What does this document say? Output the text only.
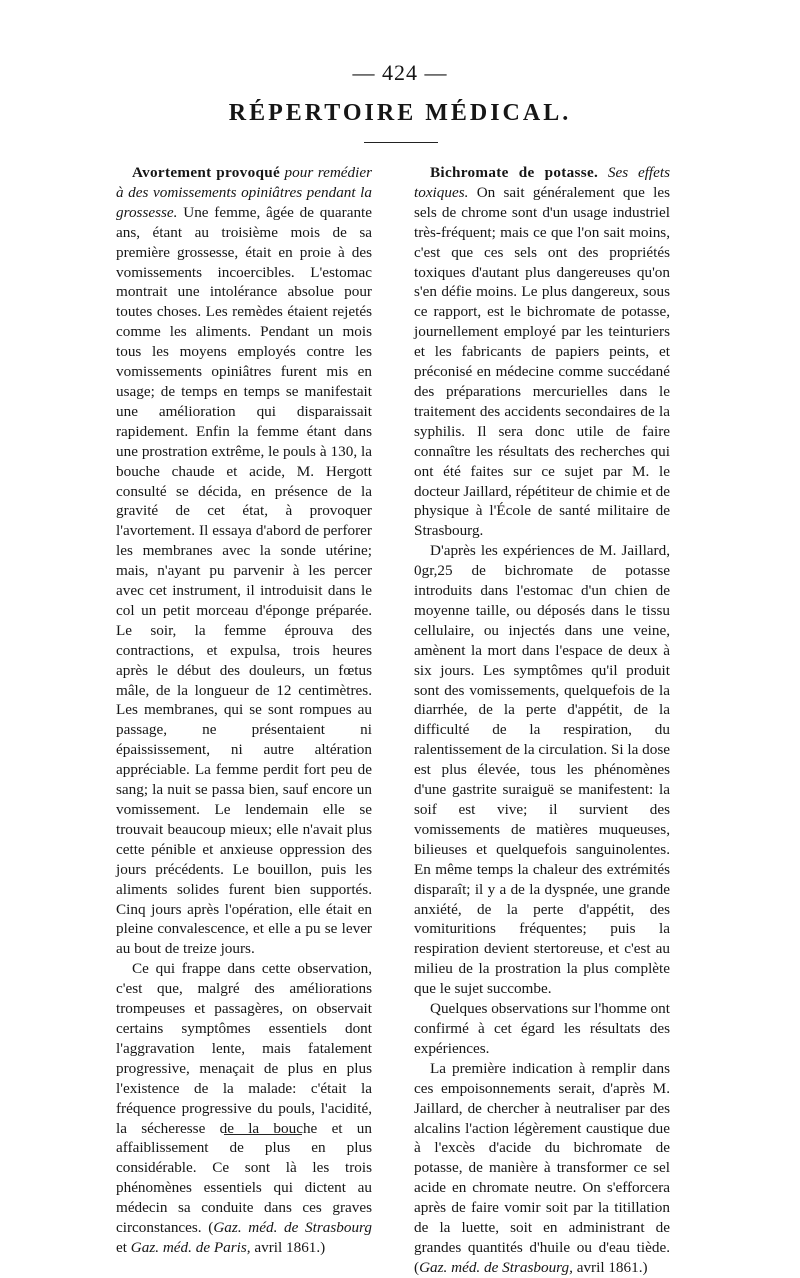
— 424 —
RÉPERTOIRE MÉDICAL.

Avortement provoqué pour remédier à des vomissements opiniâtres pendant la grossesse. Une femme, âgée de quarante ans, étant au troisième mois de sa première grossesse, était en proie à des vomissements incoercibles. L'estomac montrait une intolérance absolue pour toutes choses. Les remèdes étaient rejetés comme les aliments. Pendant un mois tous les moyens employés contre les vomissements opiniâtres furent mis en usage; de temps en temps se manifestait une amélioration qui disparaissait rapidement. Enfin la femme étant dans une prostration extrême, le pouls à 130, la bouche chaude et acide, M. Hergott consulté se décida, en présence de la gravité de cet état, à provoquer l'avortement. Il essaya d'abord de perforer les membranes avec la sonde utérine; mais, n'ayant pu parvenir à les percer avec cet instrument, il introduisit dans le col un petit morceau d'éponge préparée. Le soir, la femme éprouva des contractions, et expulsa, trois heures après le début des douleurs, un fœtus mâle, de la longueur de 12 centimètres. Les membranes, qui se sont rompues au passage, ne présentaient ni épaississement, ni autre altération appréciable. La femme perdit fort peu de sang; la nuit se passa bien, sauf encore un vomissement. Le lendemain elle se trouvait beaucoup mieux; elle n'avait plus cette pénible et anxieuse oppression des jours précédents. Le bouillon, puis les aliments solides furent bien supportés. Cinq jours après l'opération, elle était en pleine convalescence, et elle a pu se lever au bout de treize jours.

Ce qui frappe dans cette observation, c'est que, malgré des améliorations trompeuses et passagères, on observait certains symptômes essentiels dont l'aggravation lente, mais fatalement progressive, menaçait de plus en plus l'existence de la malade: c'était la fréquence progressive du pouls, l'acidité, la sécheresse de la bouche et un affaiblissement de plus en plus considérable. Ce sont là les trois phénomènes essentiels qui dictent au médecin sa conduite dans ces graves circonstances. (Gaz. méd. de Strasbourg et Gaz. méd. de Paris, avril 1861.)

Bichromate de potasse. Ses effets toxiques. On sait généralement que les sels de chrome sont d'un usage industriel très-fréquent; mais ce que l'on sait moins, c'est que ces sels ont des propriétés toxiques d'autant plus dangereuses qu'on s'en défie moins. Le plus dangereux, sous ce rapport, est le bichromate de potasse, journellement employé par les teinturiers et les fabricants de papiers peints, et préconisé en médecine comme succédané des préparations mercurielles dans le traitement des accidents secondaires de la syphilis. Il sera donc utile de faire connaître les résultats des recherches qui ont été faites sur ce sujet par M. le docteur Jaillard, répétiteur de chimie et de physique à l'École de santé militaire de Strasbourg.

D'après les expériences de M. Jaillard, 0gr,25 de bichromate de potasse introduits dans l'estomac d'un chien de moyenne taille, ou déposés dans le tissu cellulaire, ou injectés dans une veine, amènent la mort dans l'espace de deux à six jours. Les symptômes qu'il produit sont des vomissements, quelquefois de la diarrhée, de la perte d'appétit, de la difficulté de la respiration, du ralentissement de la circulation. Si la dose est plus élevée, tous les phénomènes d'une gastrite suraiguë se manifestent: la soif est vive; il survient des vomissements de matières muqueuses, bilieuses et quelquefois sanguinolentes. En même temps la chaleur des extrémités disparaît; il y a de la dyspnée, une grande anxiété, de la perte d'appétit, des vomituritions fréquentes; puis la respiration devient stertoreuse, et c'est au milieu de la prostration la plus complète que le sujet succombe.

Quelques observations sur l'homme ont confirmé à cet égard les résultats des expériences.

La première indication à remplir dans ces empoisonnements serait, d'après M. Jaillard, de chercher à neutraliser par des alcalins l'action légèrement caustique due à l'excès d'acide du bichromate de potasse, de manière à transformer ce sel acide en chromate neutre. On s'efforcera après de faire vomir soit par la titillation de la luette, soit en administrant de grandes quantités d'huile ou d'eau tiède. (Gaz. méd. de Strasbourg, avril 1861.)
